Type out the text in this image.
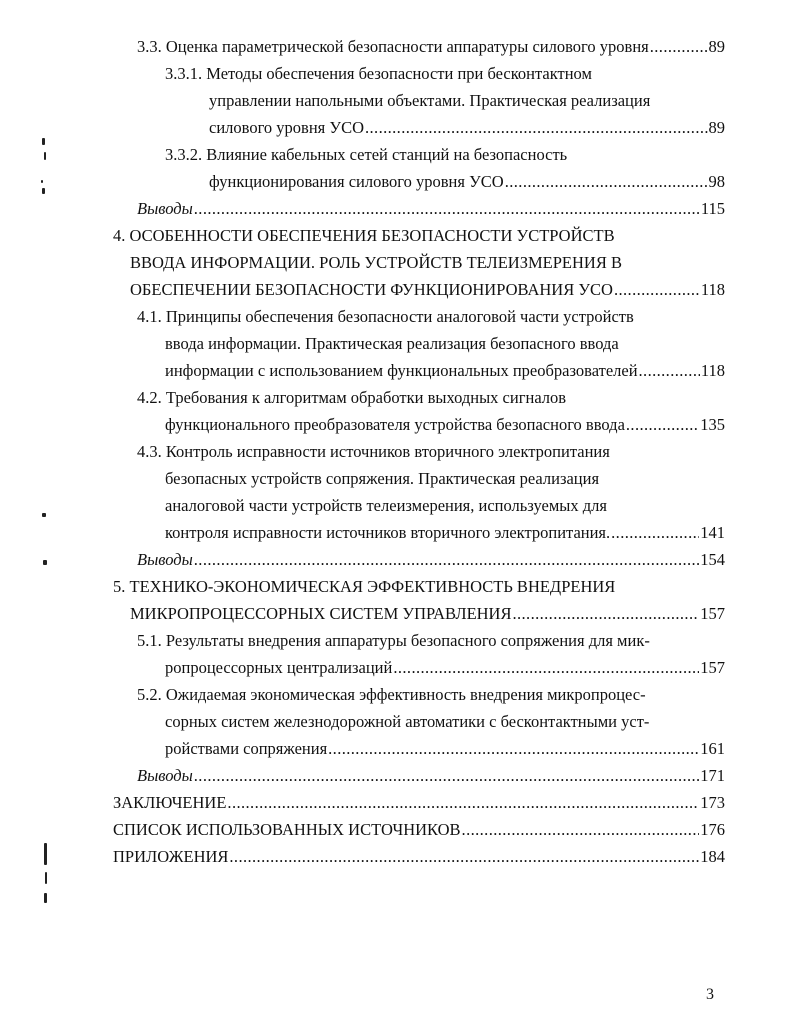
3.3. Оценка параметрической безопасности аппаратуры силового уровня .....	89
3.3.1. Методы обеспечения безопасности при бесконтактном
управлении напольными объектами. Практическая реализация
силового уровня УСО .....	89
3.3.2. Влияние кабельных сетей станций на безопасность
функционирования силового уровня УСО .....	98
Выводы .....	115
4. ОСОБЕННОСТИ ОБЕСПЕЧЕНИЯ БЕЗОПАСНОСТИ УСТРОЙСТВ
ВВОДА ИНФОРМАЦИИ. РОЛЬ УСТРОЙСТВ ТЕЛЕИЗМЕРЕНИЯ В
ОБЕСПЕЧЕНИИ БЕЗОПАСНОСТИ ФУНКЦИОНИРОВАНИЯ УСО .....	118
4.1. Принципы обеспечения безопасности аналоговой части устройств
ввода информации. Практическая реализация безопасного ввода
информации с использованием функциональных преобразователей .....	118
4.2. Требования к алгоритмам обработки выходных сигналов
функционального преобразователя устройства безопасного ввода .....	135
4.3. Контроль исправности источников вторичного электропитания
безопасных устройств сопряжения. Практическая реализация
аналоговой части устройств телеизмерения, используемых для
контроля исправности источников вторичного электропитания. .....	141
Выводы .....	154
5. ТЕХНИКО-ЭКОНОМИЧЕСКАЯ ЭФФЕКТИВНОСТЬ ВНЕДРЕНИЯ
МИКРОПРОЦЕССОРНЫХ СИСТЕМ УПРАВЛЕНИЯ .....	157
5.1. Результаты внедрения аппаратуры безопасного сопряжения для мик-
ропроцессорных централизаций .....	157
5.2. Ожидаемая экономическая эффективность внедрения микропроцес-
сорных систем железнодорожной автоматики с бесконтактными уст-
ройствами сопряжения .....	161
Выводы .....	171
ЗАКЛЮЧЕНИЕ .....	173
СПИСОК ИСПОЛЬЗОВАННЫХ ИСТОЧНИКОВ .....	176
ПРИЛОЖЕНИЯ .....	184
3
